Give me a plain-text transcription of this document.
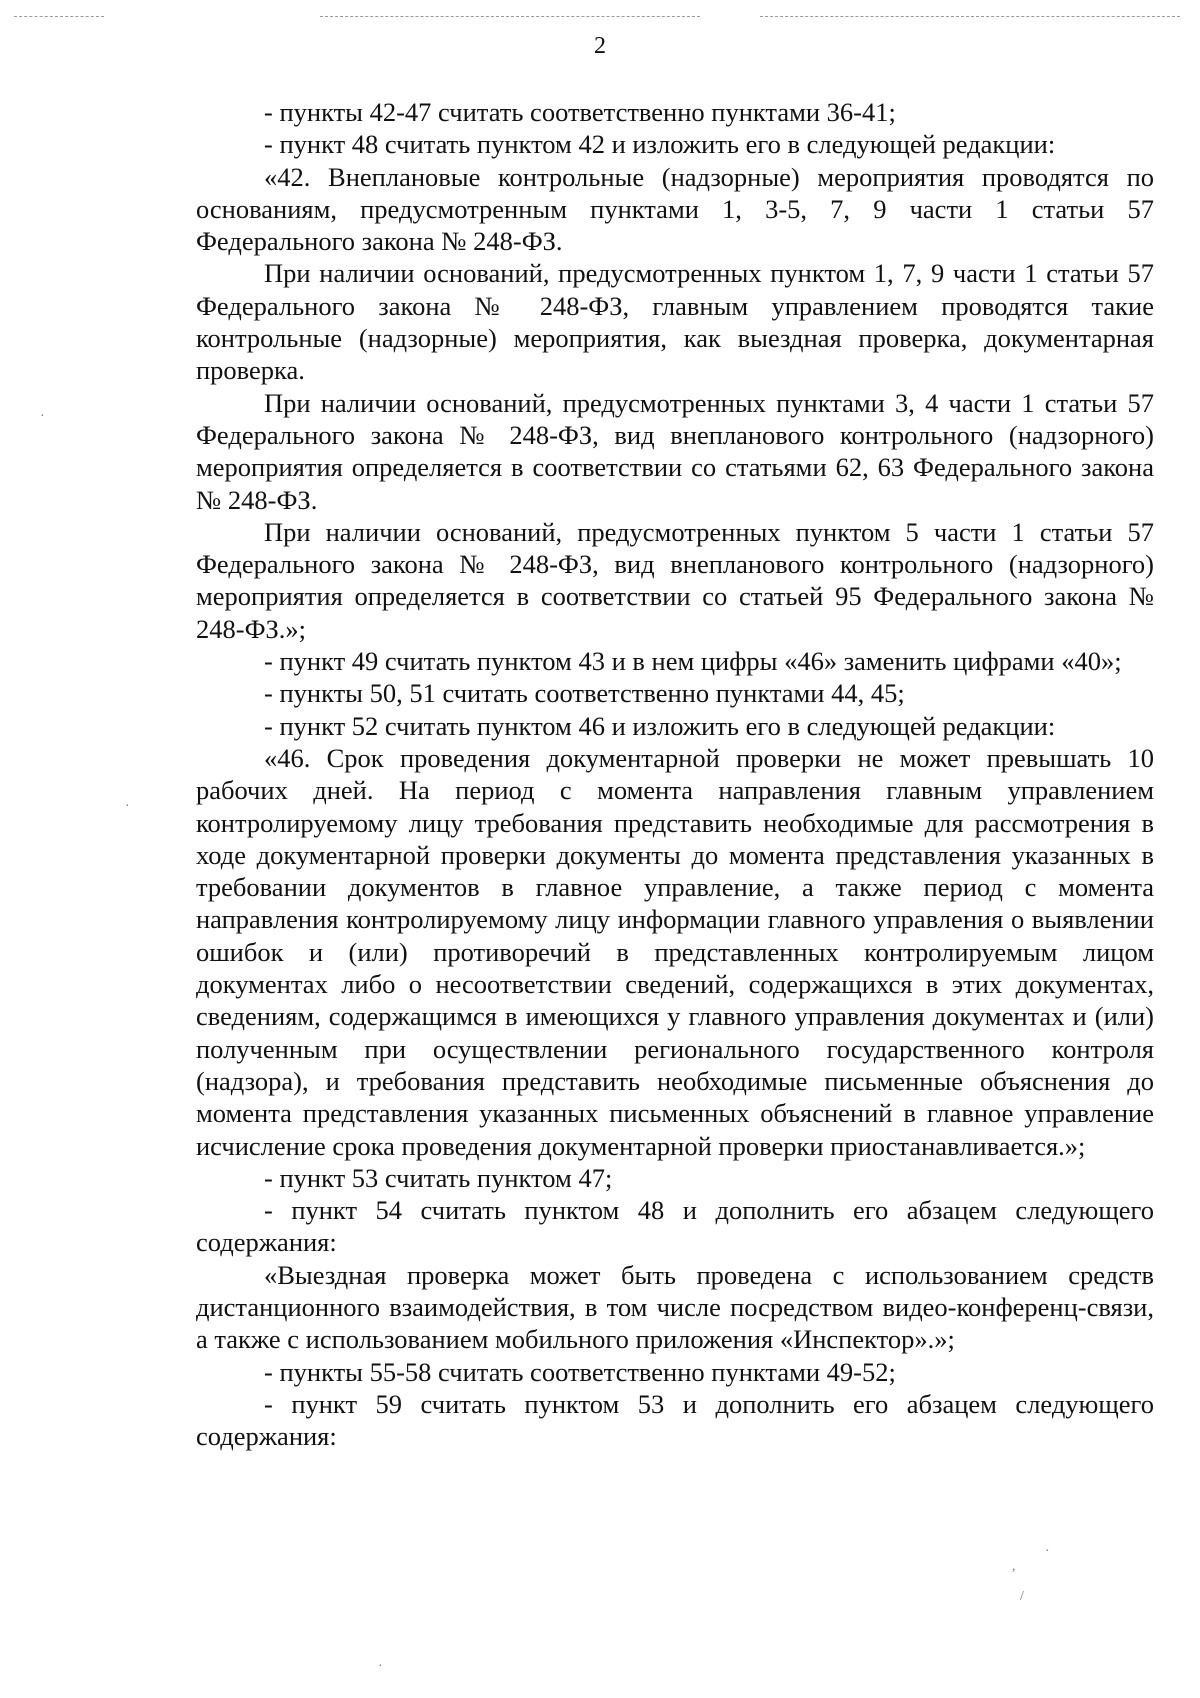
2

- пункты 42-47 считать соответственно пунктами 36-41;

- пункт 48 считать пунктом 42 и изложить его в следующей редакции:

«42. Внеплановые контрольные (надзорные) мероприятия проводятся по основаниям, предусмотренным пунктами 1, 3-5, 7, 9 части 1 статьи 57 Федерального закона № 248-ФЗ.

При наличии оснований, предусмотренных пунктом 1, 7, 9 части 1 статьи 57 Федерального закона № 248-ФЗ, главным управлением проводятся такие контрольные (надзорные) мероприятия, как выездная проверка, документарная проверка.

При наличии оснований, предусмотренных пунктами 3, 4 части 1 статьи 57 Федерального закона № 248-ФЗ, вид внепланового контрольного (надзорного) мероприятия определяется в соответствии со статьями 62, 63 Федерального закона № 248-ФЗ.

При наличии оснований, предусмотренных пунктом 5 части 1 статьи 57 Федерального закона № 248-ФЗ, вид внепланового контрольного (надзорного) мероприятия определяется в соответствии со статьей 95 Федерального закона № 248-ФЗ.»;

- пункт 49 считать пунктом 43 и в нем цифры «46» заменить цифрами «40»;

- пункты 50, 51 считать соответственно пунктами 44, 45;

- пункт 52 считать пунктом 46 и изложить его в следующей редакции:

«46. Срок проведения документарной проверки не может превышать 10 рабочих дней. На период с момента направления главным управлением контролируемому лицу требования представить необходимые для рассмотрения в ходе документарной проверки документы до момента представления указанных в требовании документов в главное управление, а также период с момента направления контролируемому лицу информации главного управления о выявлении ошибок и (или) противоречий в представленных контролируемым лицом документах либо о несоответствии сведений, содержащихся в этих документах, сведениям, содержащимся в имеющихся у главного управления документах и (или) полученным при осуществлении регионального государственного контроля (надзора), и требования представить необходимые письменные объяснения до момента представления указанных письменных объяснений в главное управление исчисление срока проведения документарной проверки приостанавливается.»;

- пункт 53 считать пунктом 47;

- пункт 54 считать пунктом 48 и дополнить его абзацем следующего содержания:

«Выездная проверка может быть проведена с использованием средств дистанционного взаимодействия, в том числе посредством видео-конференц-связи, а также с использованием мобильного приложения «Инспектор».»;

- пункты 55-58 считать соответственно пунктами 49-52;

- пункт 59 считать пунктом 53 и дополнить его абзацем следующего содержания:

·
·
,
/
·
·
